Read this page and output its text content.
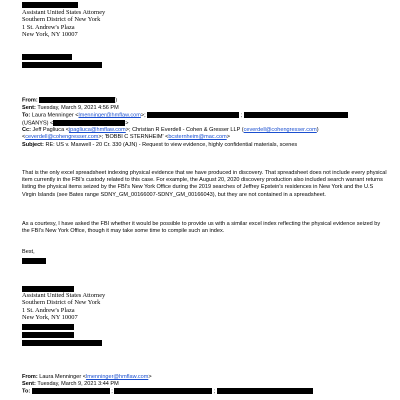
Assistant United States Attorney
Southern District of New York
1 St. Andrew's Plaza
New York, NY 10007
From:	)
Sent: Tuesday, March 9, 2021 4:56 PM
To: Laura Menninger <lmenninger@hmflaw.com>;	;
(USANYS) <	>
Cc: Jeff Pagliuca <jpagliuca@hmflaw.com>; Christian R Everdell - Cohen & Gresser LLP (ceverdell@cohengresser.com)
<ceverdell@cohengresser.com>; 'BOBBI C STERNHEIM' <bcsternheim@mac.com>
Subject: RE: US v. Maxwell - 20 Cr. 330 (AJN) - Request to view evidence, highly confidential materials, scenes
That is the only excel spreadsheet indexing physical evidence that we have produced in discovery. That spreadsheet does not include every physical item currently in the FBI's custody related to this case. For example, the August 20, 2020 discovery production also included search warrant returns listing the physical items seized by the FBI's New York Office during the 2019 searches of Jeffrey Epstein's residences in New York and the U.S Virgin Islands (see Bates range SDNY_GM_00166007-SDNY_GM_00166043), but they are not contained in a spreadsheet.
As a courtesy, I have asked the FBI whether it would be possible to provide us with a similar excel index reflecting the physical evidence seized by the FBI's New York Office, though it may take some time to compile such an index.
Best,
Assistant United States Attorney
Southern District of New York
1 St. Andrew's Plaza
New York, NY 10007
From: Laura Menninger <lmenninger@hmflaw.com>
Sent: Tuesday, March 9, 2021 3:44 PM
To:	;	;
